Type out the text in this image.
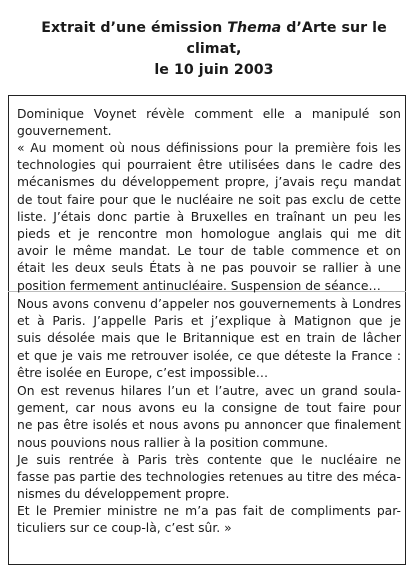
Extrait d’une émission Thema d’Arte sur le climat,
le 10 juin 2003
Dominique Voynet révèle comment elle a manipulé son
gouvernement.
« Au moment où nous définissions pour la première fois les
technologies qui pourraient être utilisées dans le cadre des
mécanismes du développement propre, j’avais reçu mandat
de tout faire pour que le nucléaire ne soit pas exclu de cette
liste. J’étais donc partie à Bruxelles en traînant un peu les
pieds et je rencontre mon homologue anglais qui me dit
avoir le même mandat. Le tour de table commence et on
était les deux seuls États à ne pas pouvoir se rallier à une
position fermement antinucléaire. Suspension de séance…
Nous avons convenu d’appeler nos gouvernements à Londres
et à Paris. J’appelle Paris et j’explique à Matignon que je
suis désolée mais que le Britannique est en train de lâcher
et que je vais me retrouver isolée, ce que déteste la France :
être isolée en Europe, c’est impossible…
On est revenus hilares l’un et l’autre, avec un grand soula-
gement, car nous avons eu la consigne de tout faire pour
ne pas être isolés et nous avons pu annoncer que finalement
nous pouvions nous rallier à la position commune.
Je suis rentrée à Paris très contente que le nucléaire ne
fasse pas partie des technologies retenues au titre des méca-
nismes du développement propre.
Et le Premier ministre ne m’a pas fait de compliments par-
ticuliers sur ce coup-là, c’est sûr. »
